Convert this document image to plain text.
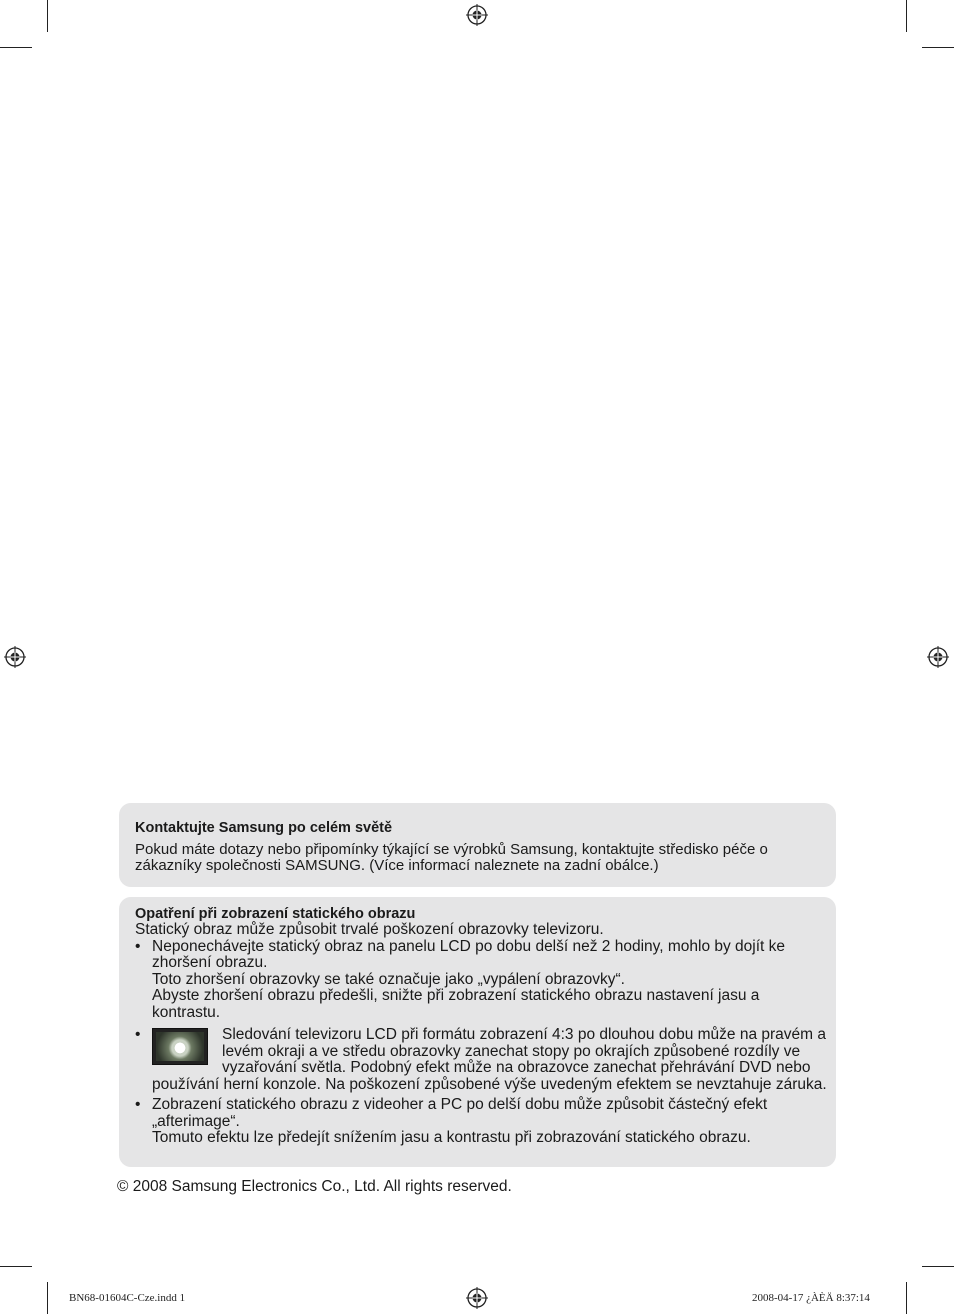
Kontaktujte Samsung po celém světě
Pokud máte dotazy nebo připomínky týkající se výrobků Samsung, kontaktujte středisko péče o zákazníky společnosti SAMSUNG. (Více informací naleznete na zadní obálce.)
Opatření při zobrazení statického obrazu
Statický obraz může způsobit trvalé poškození obrazovky televizoru.

• Neponechávejte statický obraz na panelu LCD po dobu delší než 2 hodiny, mohlo by dojít ke zhoršení obrazu.

Toto zhoršení obrazovky se také označuje jako „vypálení obrazovky“.

Abyste zhoršení obrazu předešli, snižte při zobrazení statického obrazu nastavení jasu a kontrastu.

• Sledování televizoru LCD při formátu zobrazení 4:3 po dlouhou dobu může na pravém a levém okraji a ve středu obrazovky zanechat stopy po okrajích způsobené rozdíly ve vyzařování světla. Podobný efekt může na obrazovce zanechat přehrávání DVD nebo používání herní konzole. Na poškození způsobené výše uvedeným efektem se nevztahuje záruka.

• Zobrazení statického obrazu z videoher a PC po delší dobu může způsobit částečný efekt „afterimage“.

Tomuto efektu lze předejít snížením jasu a kontrastu při zobrazování statického obrazu.

© 2008 Samsung Electronics Co., Ltd. All rights reserved.
BN68-01604C-Cze.indd 1	2008-04-17 ¿ÀÈÄ 8:37:14
